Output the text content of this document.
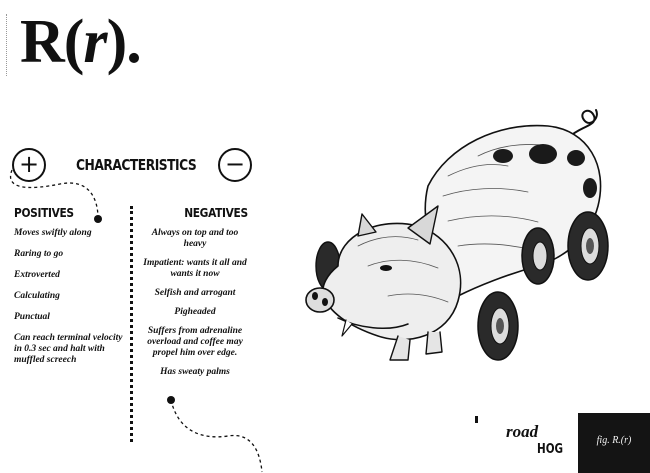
R(r).
+	CHARACTERISTICS −
POSITIVES
Moves swiftly along
Raring to go
Extroverted
Calculating
Punctual
Can reach terminal velocity in 0.3 sec and halt with muffled screech
NEGATIVES
Always on top and too heavy
Impatient: wants it all and wants it now
Selfish and arrogant
Pigheaded
Suffers from adrenaline overload and coffee may propel him over edge.
Has sweaty palms
road
HOG
fig. R.(r)
